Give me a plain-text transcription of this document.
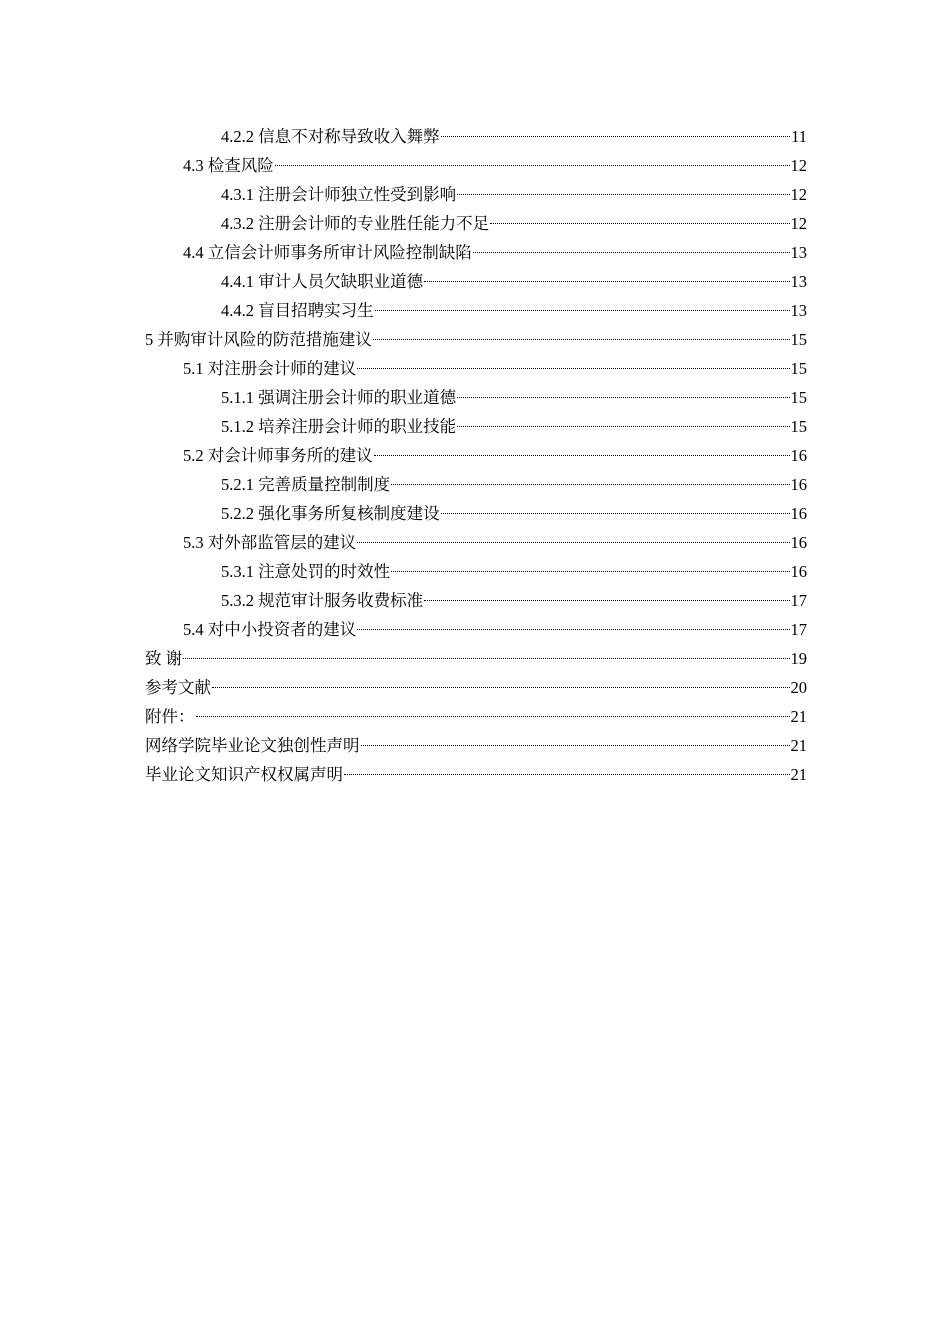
4.2.2 信息不对称导致收入舞弊	11
4.3 检查风险	12
4.3.1 注册会计师独立性受到影响	12
4.3.2 注册会计师的专业胜任能力不足	12
4.4 立信会计师事务所审计风险控制缺陷	13
4.4.1 审计人员欠缺职业道德	13
4.4.2 盲目招聘实习生	13
5 并购审计风险的防范措施建议	15
5.1 对注册会计师的建议	15
5.1.1 强调注册会计师的职业道德	15
5.1.2 培养注册会计师的职业技能	15
5.2 对会计师事务所的建议	16
5.2.1 完善质量控制制度	16
5.2.2 强化事务所复核制度建设	16
5.3 对外部监管层的建议	16
5.3.1 注意处罚的时效性	16
5.3.2 规范审计服务收费标准	17
5.4 对中小投资者的建议	17
致 谢	19
参考文献	20
附件：	21
网络学院毕业论文独创性声明	21
毕业论文知识产权权属声明	21
